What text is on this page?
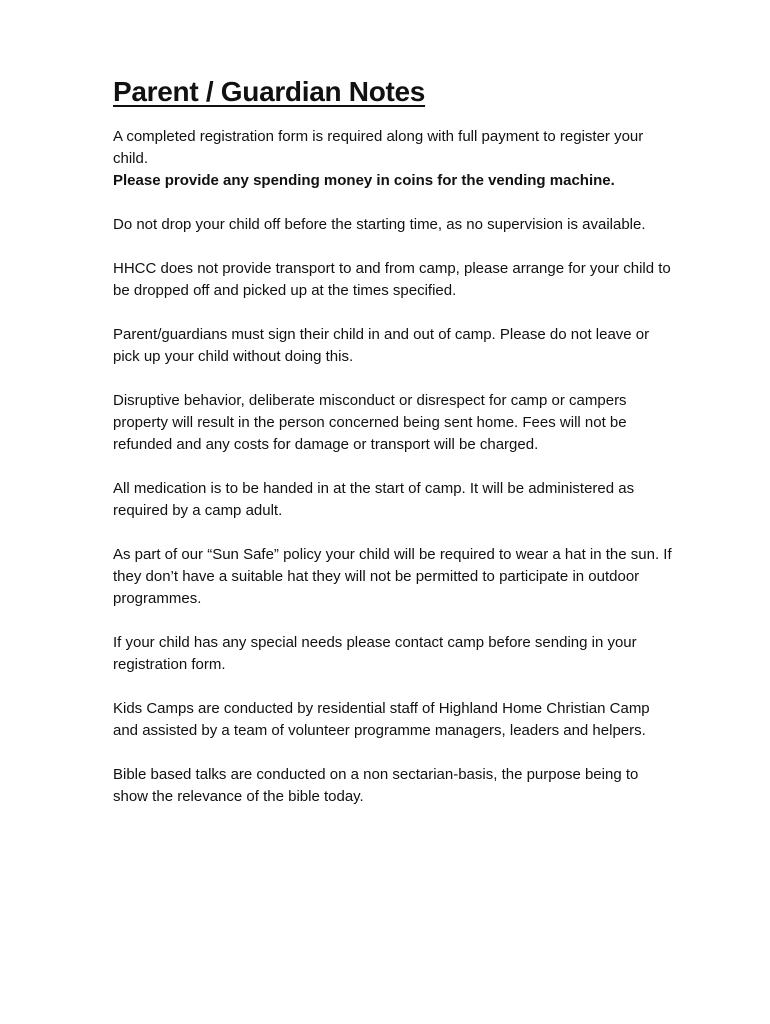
Parent / Guardian Notes

A completed registration form is required along with full payment to register your child.
Please provide any spending money in coins for the vending machine.

Do not drop your child off before the starting time, as no supervision is available.

HHCC does not provide transport to and from camp, please arrange for your child to be dropped off and picked up at the times specified.

Parent/guardians must sign their child in and out of camp. Please do not leave or pick up your child without doing this.

Disruptive behavior, deliberate misconduct or disrespect for camp or campers property will result in the person concerned being sent home. Fees will not be refunded and any costs for damage or transport will be charged.

All medication is to be handed in at the start of camp. It will be administered as required by a camp adult.

As part of our “Sun Safe” policy your child will be required to wear a hat in the sun. If they don’t have a suitable hat they will not be permitted to participate in outdoor programmes.

If your child has any special needs please contact camp before sending in your registration form.

Kids Camps are conducted by residential staff of Highland Home Christian Camp and assisted by a team of volunteer programme managers, leaders and helpers.

Bible based talks are conducted on a non sectarian-basis, the purpose being to show the relevance of the bible today.
